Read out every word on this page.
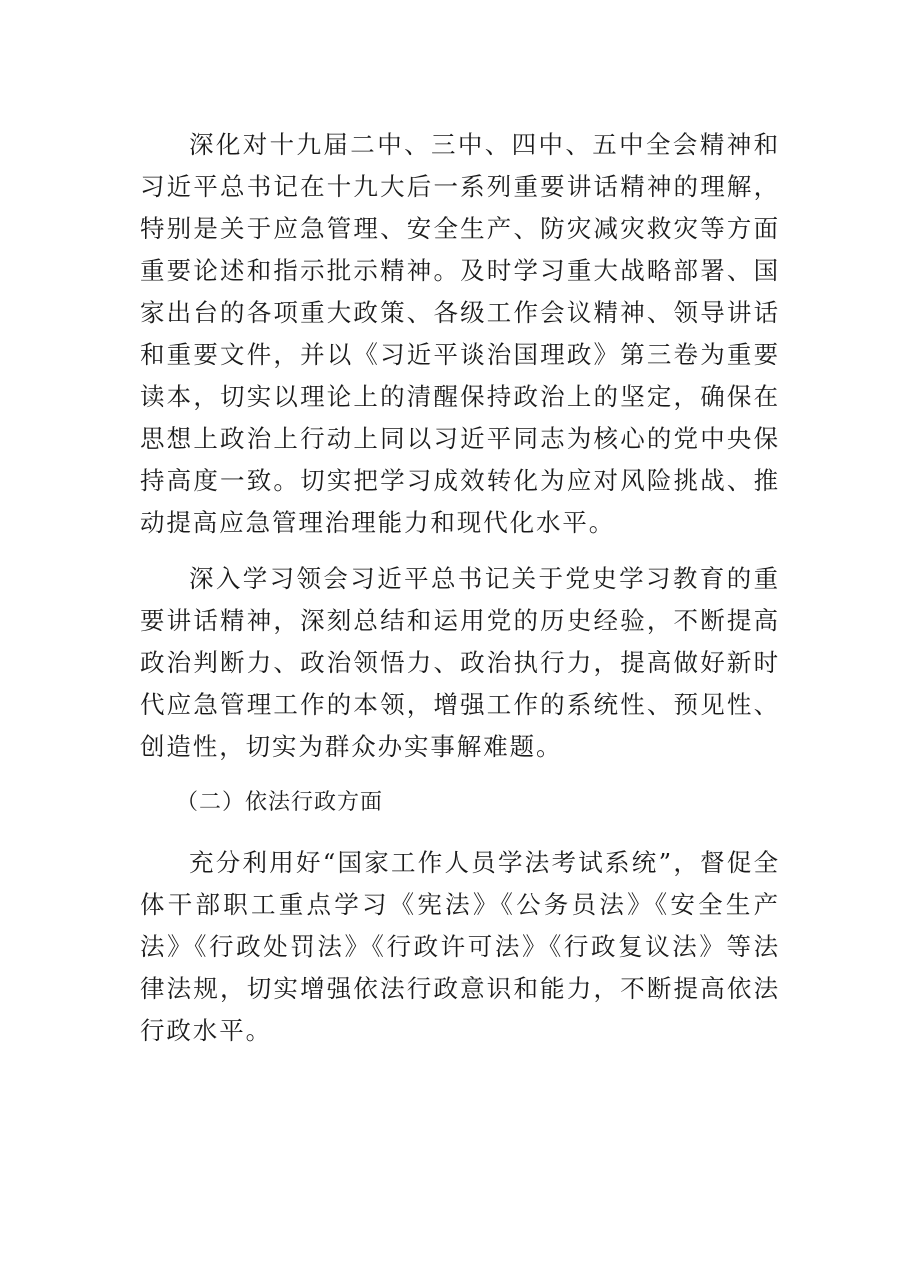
深化对十九届二中、三中、四中、五中全会精神和习近平总书记在十九大后一系列重要讲话精神的理解，特别是关于应急管理、安全生产、防灾减灾救灾等方面重要论述和指示批示精神。及时学习重大战略部署、国家出台的各项重大政策、各级工作会议精神、领导讲话和重要文件，并以《习近平谈治国理政》第三卷为重要读本，切实以理论上的清醒保持政治上的坚定，确保在思想上政治上行动上同以习近平同志为核心的党中央保持高度一致。切实把学习成效转化为应对风险挑战、推动提高应急管理治理能力和现代化水平。

深入学习领会习近平总书记关于党史学习教育的重要讲话精神，深刻总结和运用党的历史经验，不断提高政治判断力、政治领悟力、政治执行力，提高做好新时代应急管理工作的本领，增强工作的系统性、预见性、创造性，切实为群众办实事解难题。

（二）依法行政方面

充分利用好“国家工作人员学法考试系统”，督促全体干部职工重点学习《宪法》《公务员法》《安全生产法》《行政处罚法》《行政许可法》《行政复议法》等法律法规，切实增强依法行政意识和能力，不断提高依法行政水平。
